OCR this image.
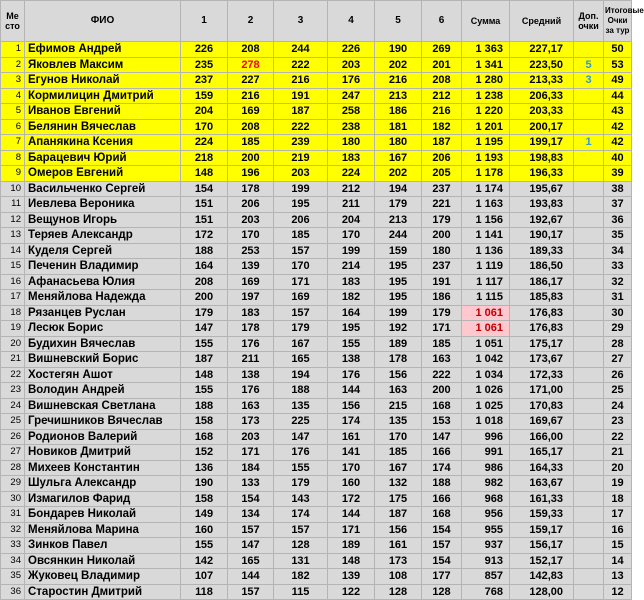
Ме сто	ФИО	1	2	3	4	5	6	Сумма	Средний	Доп. очки	Итоговые Очки за тур
1	Ефимов Андрей	226	208	244	226	190	269	1 363	227,17		50
2	Яковлев Максим	235	278	222	203	202	201	1 341	223,50	5	53
3	Егунов Николай	237	227	216	176	216	208	1 280	213,33	3	49
4	Кормилицин Дмитрий	159	216	191	247	213	212	1 238	206,33		44
5	Иванов Евгений	204	169	187	258	186	216	1 220	203,33		43
6	Белянин Вячеслав	170	208	222	238	181	182	1 201	200,17		42
7	Апанякина Ксения	224	185	239	180	180	187	1 195	199,17	1	42
8	Барацевич Юрий	218	200	219	183	167	206	1 193	198,83		40
9	Омеров Евгений	148	196	203	224	202	205	1 178	196,33		39
10	Васильченко Сергей	154	178	199	212	194	237	1 174	195,67		38
11	Иевлева Вероника	151	206	195	211	179	221	1 163	193,83		37
12	Вещунов Игорь	151	203	206	204	213	179	1 156	192,67		36
13	Теряев Александр	172	170	185	170	244	200	1 141	190,17		35
14	Куделя Сергей	188	253	157	199	159	180	1 136	189,33		34
15	Печенин Владимир	164	139	170	214	195	237	1 119	186,50		33
16	Афанасьева Юлия	208	169	171	183	195	191	1 117	186,17		32
17	Меняйлова Надежда	200	197	169	182	195	186	1 115	185,83		31
18	Рязанцев Руслан	179	183	157	164	199	179	1 061	176,83		30
19	Лесюк Борис	147	178	179	195	192	171	1 061	176,83		29
20	Будихин Вячеслав	155	176	167	155	189	185	1 051	175,17		28
21	Вишневский Борис	187	211	165	138	178	163	1 042	173,67		27
22	Хостегян Ашот	148	138	194	176	156	222	1 034	172,33		26
23	Володин Андрей	155	176	188	144	163	200	1 026	171,00		25
24	Вишневская Светлана	188	163	135	156	215	168	1 025	170,83		24
25	Гречишников Вячеслав	158	173	225	174	135	153	1 018	169,67		23
26	Родионов Валерий	168	203	147	161	170	147	996	166,00		22
27	Новиков Дмитрий	152	171	176	141	185	166	991	165,17		21
28	Михеев Константин	136	184	155	170	167	174	986	164,33		20
29	Шульга Александр	190	133	179	160	132	188	982	163,67		19
30	Измагилов Фарид	158	154	143	172	175	166	968	161,33		18
31	Бондарев Николай	149	134	174	144	187	168	956	159,33		17
32	Меняйлова Марина	160	157	157	171	156	154	955	159,17		16
33	Зинков Павел	155	147	128	189	161	157	937	156,17		15
34	Овсянкин Николай	142	165	131	148	173	154	913	152,17		14
35	Жуковец Владимир	107	144	182	139	108	177	857	142,83		13
36	Старостин Дмитрий	118	157	115	122	128	128	768	128,00		12
